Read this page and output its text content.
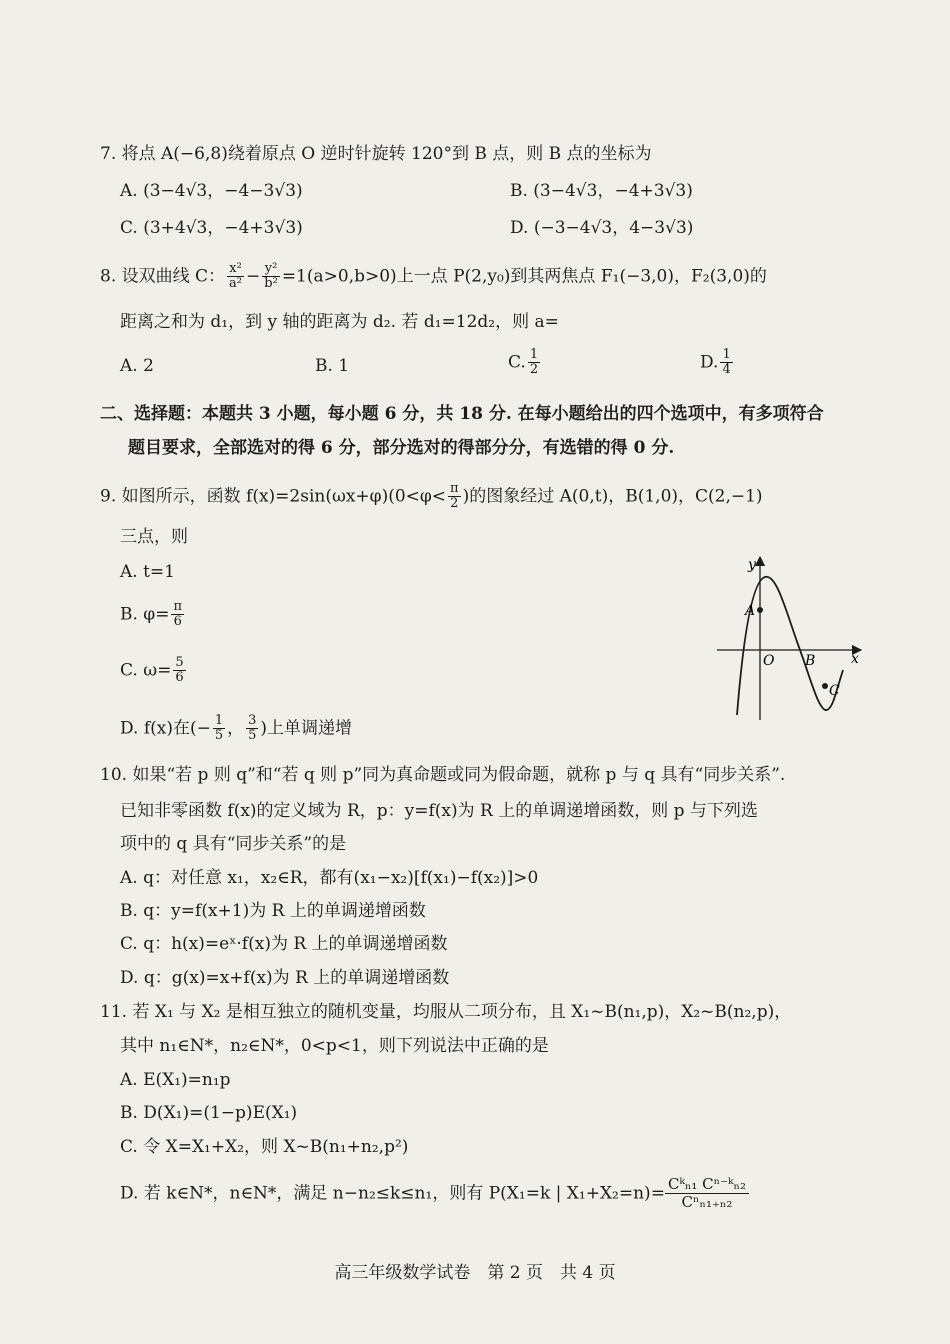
7. 将点 A(−6,8)绕着原点 O 逆时针旋转 120°到 B 点，则 B 点的坐标为
A. (3−4√3，−4−3√3)	B. (3−4√3，−4+3√3)
C. (3+4√3，−4+3√3)	D. (−3−4√3，4−3√3)
8. 设双曲线 C： $\frac{\text{x²}}{\text{a²}} - \frac{\text{y²}}{\text{b²}} =1(a>0,b>0)$上一点 P(2,y₀)到其两焦点 F₁(−3,0)，F₂(3,0)的
距离之和为 d₁，到 y 轴的距离为 d₂. 若 d₁=12d₂，则 a=
A. 2	B. 1	C. $\frac{1}{2}$	D. $\frac{1}{4}$
二、选择题：本题共 3 小题，每小题 6 分，共 18 分. 在每小题给出的四个选项中，有多项符合
题目要求，全部选对的得 6 分，部分选对的得部分分，有选错的得 0 分.
9. 如图所示，函数 $f(x)=2\sin(\omega x+\varphi)(0<\varphi< \frac{\pi}{2}$ )的图象经过 A(0,t)，B(1,0)，C(2,−1)
三点，则
A. t=1
B. $\varphi= \frac{\pi}{6}$
C. $\omega= \frac{5}{6}$
D. f(x)在(− $\frac{1}{5}$ ， $\frac{3}{5}$ )上单调递增
y
x
O
A
B
C
10. 如果“若 p 则 q”和“若 q 则 p”同为真命题或同为假命题，就称 p 与 q 具有“同步关系”.
已知非零函数 f(x)的定义域为 R，p：y=f(x)为 R 上的单调递增函数，则 p 与下列选
项中的 q 具有“同步关系”的是
A. q：对任意 x₁，x₂∈R，都有(x₁−x₂)[f(x₁)−f(x₂)]>0
B. q：y=f(x+1)为 R 上的单调递增函数
C. q：h(x)=eˣ·f(x)为 R 上的单调递增函数
D. q：g(x)=x+f(x)为 R 上的单调递增函数
11. 若 X₁ 与 X₂ 是相互独立的随机变量，均服从二项分布，且 X₁~B(n₁,p)，X₂~B(n₂,p)，
其中 n₁∈N*，n₂∈N*，0<p<1，则下列说法中正确的是
A. E(X₁)=n₁p
B. D(X₁)=(1−p)E(X₁)
C. 令 X=X₁+X₂，则 X~B(n₁+n₂,p²)
D. 若 k∈N*，n∈N*，满足 n−n₂≤k≤n₁，则有 P(X₁=k | $X_1+X_2=n)= \frac{\text{Cᵏₙ₁ Cⁿ⁻ᵏₙ₂}}{\text{Cⁿₙ₁₊ₙ₂}}$
高三年级数学试卷　第 2 页　共 4 页
